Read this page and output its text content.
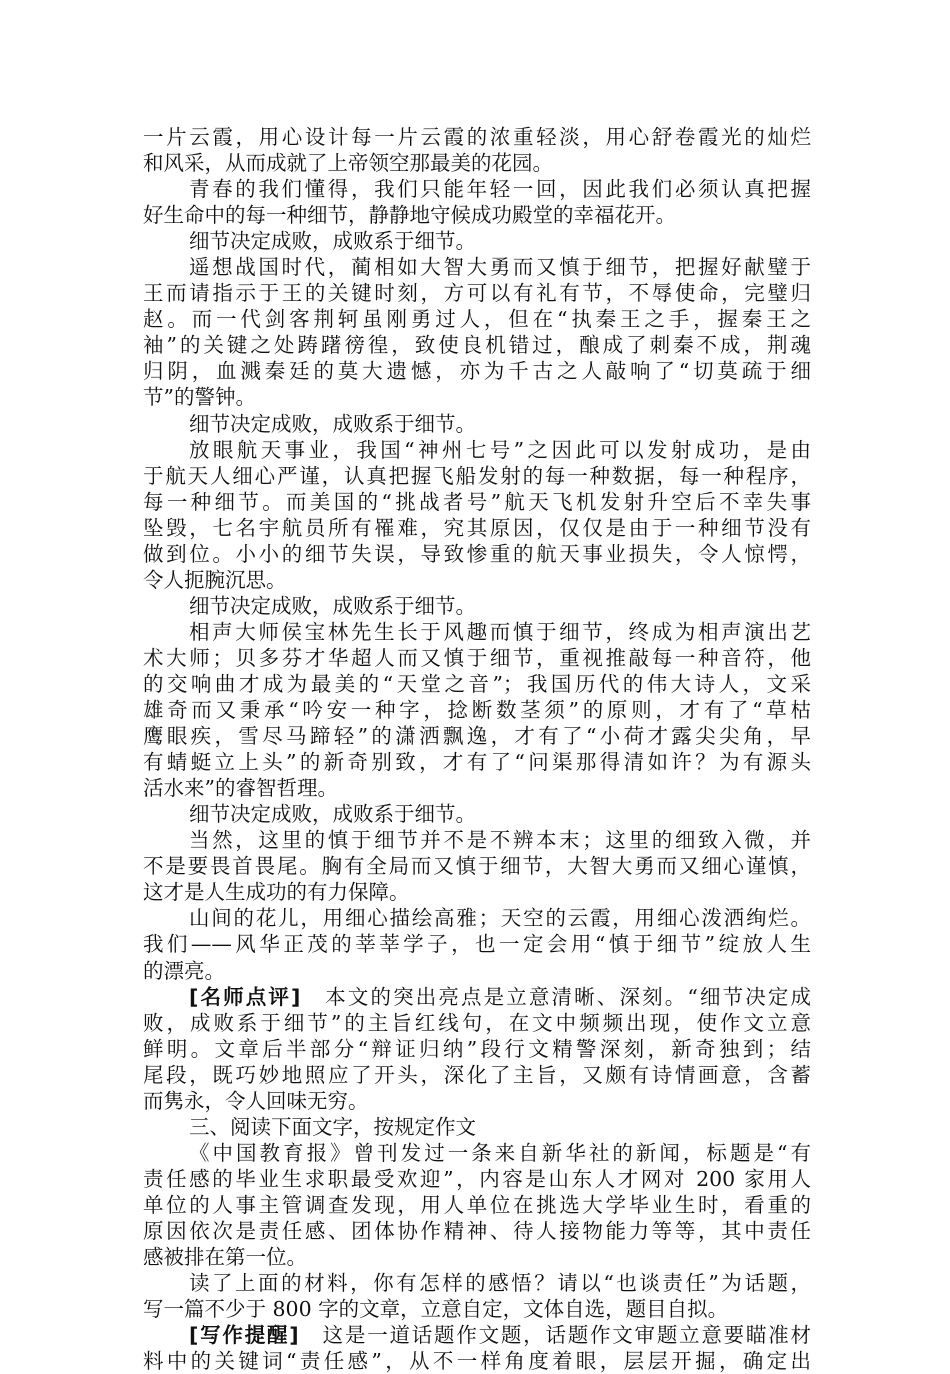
一片云霞，用心设计每一片云霞的浓重轻淡，用心舒卷霞光的灿烂
和风采，从而成就了上帝领空那最美的花园。
青春的我们懂得，我们只能年轻一回，因此我们必须认真把握
好生命中的每一种细节，静静地守候成功殿堂的幸福花开。
细节决定成败，成败系于细节。
遥想战国时代，蔺相如大智大勇而又慎于细节，把握好献璧于
王而请指示于王的关键时刻，方可以有礼有节，不辱使命，完璧归
赵。而一代剑客荆轲虽刚勇过人，但在“执秦王之手，握秦王之
袖”的关键之处踌躇徬徨，致使良机错过，酿成了刺秦不成，荆魂
归阴，血溅秦廷的莫大遗憾，亦为千古之人敲响了“切莫疏于细
节”的警钟。
细节决定成败，成败系于细节。
放眼航天事业，我国“神州七号”之因此可以发射成功，是由
于航天人细心严谨，认真把握飞船发射的每一种数据，每一种程序，
每一种细节。而美国的“挑战者号”航天飞机发射升空后不幸失事
坠毁，七名宇航员所有罹难，究其原因，仅仅是由于一种细节没有
做到位。小小的细节失误，导致惨重的航天事业损失，令人惊愕，
令人扼腕沉思。
细节决定成败，成败系于细节。
相声大师侯宝林先生长于风趣而慎于细节，终成为相声演出艺
术大师；贝多芬才华超人而又慎于细节，重视推敲每一种音符，他
的交响曲才成为最美的“天堂之音”；我国历代的伟大诗人，文采
雄奇而又秉承“吟安一种字，捻断数茎须”的原则，才有了“草枯
鹰眼疾，雪尽马蹄轻”的潇洒飘逸，才有了“小荷才露尖尖角，早
有蜻蜓立上头”的新奇别致，才有了“问渠那得清如许？为有源头
活水来”的睿智哲理。
细节决定成败，成败系于细节。
当然，这里的慎于细节并不是不辨本末；这里的细致入微，并
不是要畏首畏尾。胸有全局而又慎于细节，大智大勇而又细心谨慎，
这才是人生成功的有力保障。
山间的花儿，用细心描绘高雅；天空的云霞，用细心泼洒绚烂。
我们——风华正茂的莘莘学子，也一定会用“慎于细节”绽放人生
的漂亮。
[名师点评]　本文的突出亮点是立意清晰、深刻。“细节决定成
败，成败系于细节”的主旨红线句，在文中频频出现，使作文立意
鲜明。文章后半部分“辩证归纳”段行文精警深刻，新奇独到；结
尾段，既巧妙地照应了开头，深化了主旨，又颇有诗情画意，含蓄
而隽永，令人回味无穷。
三、阅读下面文字，按规定作文
《中国教育报》曾刊发过一条来自新华社的新闻，标题是“有
责任感的毕业生求职最受欢迎”，内容是山东人才网对 200 家用人
单位的人事主管调查发现，用人单位在挑选大学毕业生时，看重的
原因依次是责任感、团体协作精神、待人接物能力等等，其中责任
感被排在第一位。
读了上面的材料，你有怎样的感悟？请以“也谈责任”为话题，
写一篇不少于 800 字的文章，立意自定，文体自选，题目自拟。
[写作提醒]　这是一道话题作文题，话题作文审题立意要瞄准材
料中的关键词“责任感”，从不一样角度着眼，层层开掘，确定出
